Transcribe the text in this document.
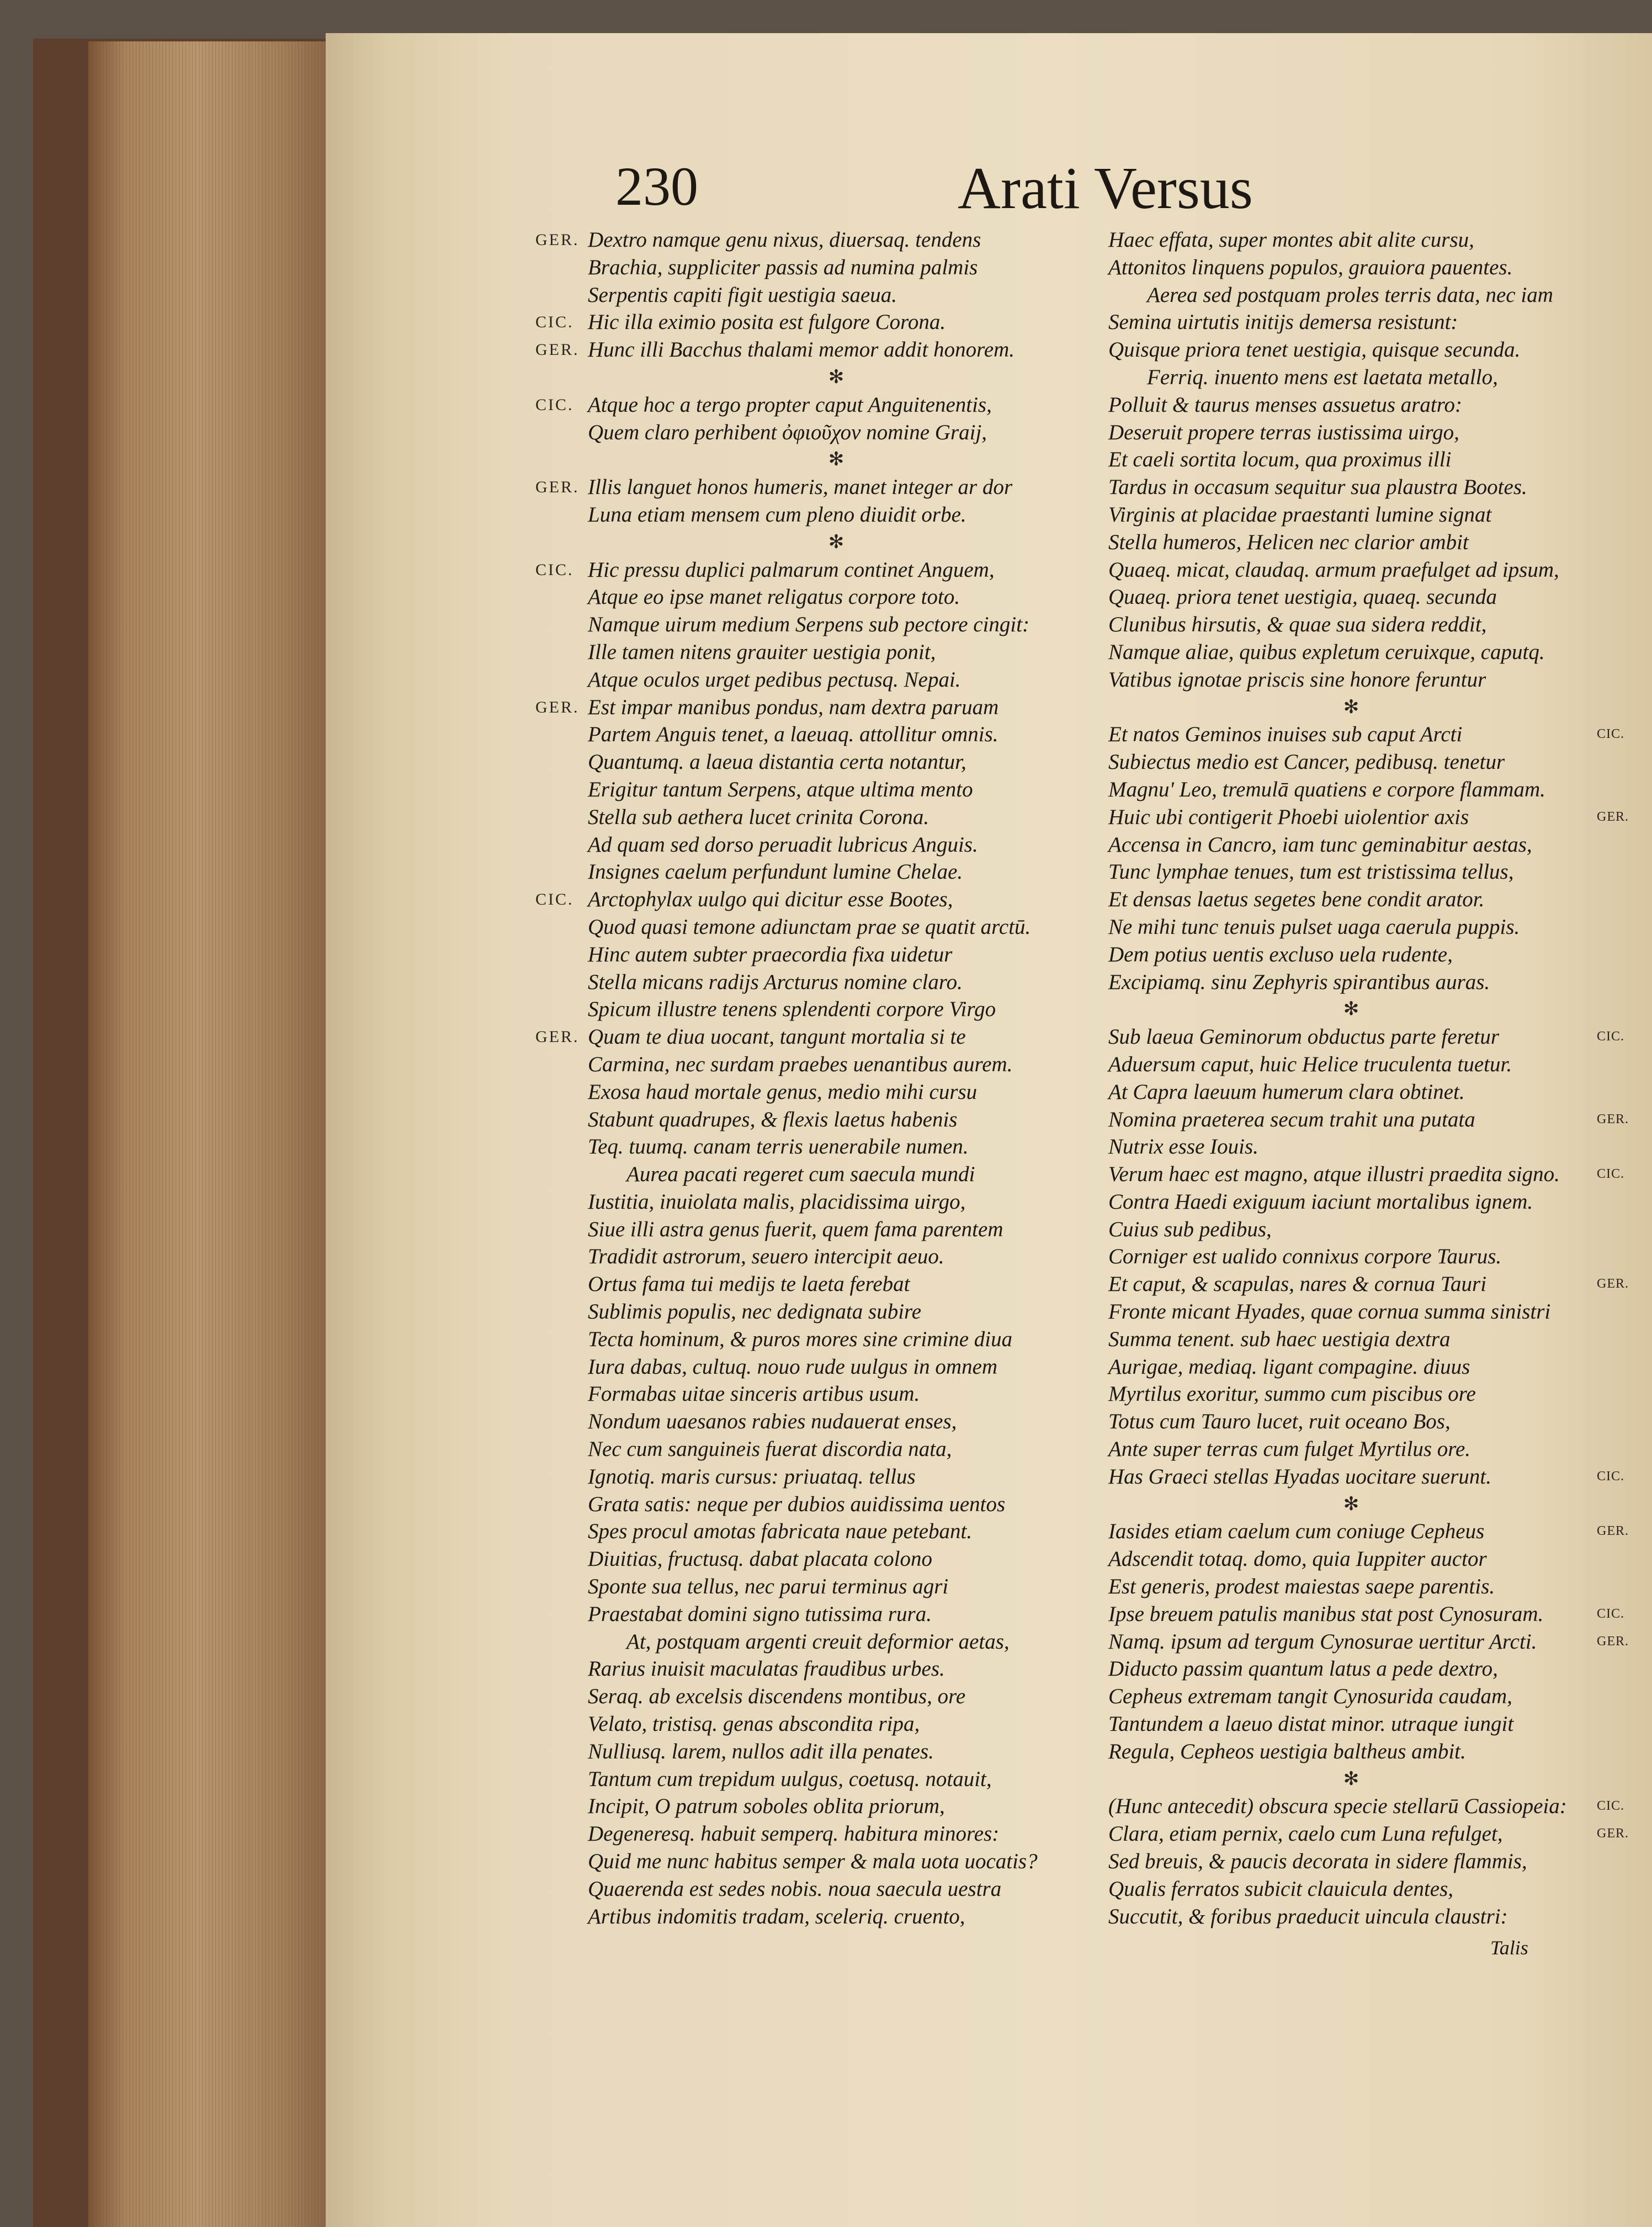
230	Arati Versus
GER. Dextro namque genu nixus, diuersaq. tendens
Brachia, suppliciter passis ad numina palmis
Serpentis capiti figit uestigia saeua.
CIC. Hic illa eximio posita est fulgore Corona.
GER. Hunc illi Bacchus thalami memor addit honorem.
✻
CIC. Atque hoc a tergo propter caput Anguitenentis,
Quem claro perhibent ὀφιοῦχον nomine Graij,
✻
GER. Illis languet honos humeris, manet integer ar dor
Luna etiam mensem cum pleno diuidit orbe.
✻
CIC. Hic pressu duplici palmarum continet Anguem,
Atque eo ipse manet religatus corpore toto.
Namque uirum medium Serpens sub pectore cingit:
Ille tamen nitens grauiter uestigia ponit,
Atque oculos urget pedibus pectusq. Nepai.
GER. Est impar manibus pondus, nam dextra paruam
Partem Anguis tenet, a laeuaq. attollitur omnis.
Quantumq. a laeua distantia certa notantur,
Erigitur tantum Serpens, atque ultima mento
Stella sub aethera lucet crinita Corona.
Ad quam sed dorso peruadit lubricus Anguis.
Insignes caelum perfundunt lumine Chelae.
CIC. Arctophylax uulgo qui dicitur esse Bootes,
Quod quasi temone adiunctam prae se quatit arctū.
Hinc autem subter praecordia fixa uidetur
Stella micans radijs Arcturus nomine claro.
Spicum illustre tenens splendenti corpore Virgo
GER. Quam te diua uocant, tangunt mortalia si te
Carmina, nec surdam praebes uenantibus aurem.
Exosa haud mortale genus, medio mihi cursu
Stabunt quadrupes, & flexis laetus habenis
Teq. tuumq. canam terris uenerabile numen.
Aurea pacati regeret cum saecula mundi
Iustitia, inuiolata malis, placidissima uirgo,
Siue illi astra genus fuerit, quem fama parentem
Tradidit astrorum, seuero intercipit aeuo.
Ortus fama tui medijs te laeta ferebat
Sublimis populis, nec dedignata subire
Tecta hominum, & puros mores sine crimine diua
Iura dabas, cultuq. nouo rude uulgus in omnem
Formabas uitae sinceris artibus usum.
Nondum uaesanos rabies nudauerat enses,
Nec cum sanguineis fuerat discordia nata,
Ignotiq. maris cursus: priuataq. tellus
Grata satis: neque per dubios auidissima uentos
Spes procul amotas fabricata naue petebant.
Diuitias, fructusq. dabat placata colono
Sponte sua tellus, nec parui terminus agri
Praestabat domini signo tutissima rura.
At, postquam argenti creuit deformior aetas,
Rarius inuisit maculatas fraudibus urbes.
Seraq. ab excelsis discendens montibus, ore
Velato, tristisq. genas abscondita ripa,
Nulliusq. larem, nullos adit illa penates.
Tantum cum trepidum uulgus, coetusq. notauit,
Incipit, O patrum soboles oblita priorum,
Degeneresq. habuit semperq. habitura minores:
Quid me nunc habitus semper & mala uota uocatis?
Quaerenda est sedes nobis. noua saecula uestra
Artibus indomitis tradam, sceleriq. cruento,
Haec effata, super montes abit alite cursu,
Attonitos linquens populos, grauiora pauentes.
Aerea sed postquam proles terris data, nec iam
Semina uirtutis initijs demersa resistunt:
Quisque priora tenet uestigia, quisque secunda.
Ferriq. inuento mens est laetata metallo,
Polluit & taurus menses assuetus aratro:
Deseruit propere terras iustissima uirgo,
Et caeli sortita locum, qua proximus illi
Tardus in occasum sequitur sua plaustra Bootes.
Virginis at placidae praestanti lumine signat
Stella humeros, Helicen nec clarior ambit
Quaeq. micat, claudaq. armum praefulget ad ipsum,
Quaeq. priora tenet uestigia, quaeq. secunda
Clunibus hirsutis, & quae sua sidera reddit,
Namque aliae, quibus expletum ceruixque, caputq.
Vatibus ignotae priscis sine honore feruntur
✻
CIC.
Et natos Geminos inuises sub caput Arcti
Subiectus medio est Cancer, pedibusq. tenetur
Magnu' Leo, tremulā quatiens e corpore flammam.
GER.
Huic ubi contigerit Phoebi uiolentior axis
Accensa in Cancro, iam tunc geminabitur aestas,
Tunc lymphae tenues, tum est tristissima tellus,
Et densas laetus segetes bene condit arator.
Ne mihi tunc tenuis pulset uaga caerula puppis.
Dem potius uentis excluso uela rudente,
Excipiamq. sinu Zephyris spirantibus auras.
✻
CIC.
Sub laeua Geminorum obductus parte feretur
Aduersum caput, huic Helice truculenta tuetur.
At Capra laeuum humerum clara obtinet.
GER.
Nomina praeterea secum trahit una putata
Nutrix esse Iouis.
CIC.
Verum haec est magno, atque illustri praedita signo.
Contra Haedi exiguum iaciunt mortalibus ignem.
Cuius sub pedibus,
Corniger est ualido connixus corpore Taurus.
GER.
Et caput, & scapulas, nares & cornua Tauri
Fronte micant Hyades, quae cornua summa sinistri
Summa tenent. sub haec uestigia dextra
Aurigae, mediaq. ligant compagine. diuus
Myrtilus exoritur, summo cum piscibus ore
Totus cum Tauro lucet, ruit oceano Bos,
Ante super terras cum fulget Myrtilus ore.
CIC.
Has Graeci stellas Hyadas uocitare suerunt.
✻
GER.
Iasides etiam caelum cum coniuge Cepheus
Adscendit totaq. domo, quia Iuppiter auctor
Est generis, prodest maiestas saepe parentis.
CIC.
Ipse breuem patulis manibus stat post Cynosuram.
GER.
Namq. ipsum ad tergum Cynosurae uertitur Arcti.
Diducto passim quantum latus a pede dextro,
Cepheus extremam tangit Cynosurida caudam,
Tantundem a laeuo distat minor. utraque iungit
Regula, Cepheos uestigia baltheus ambit.
✻
CIC.
(Hunc antecedit) obscura specie stellarū Cassiopeia:
GER.
Clara, etiam pernix, caelo cum Luna refulget,
Sed breuis, & paucis decorata in sidere flammis,
Qualis ferratos subicit clauicula dentes,
Succutit, & foribus praeducit uincula claustri:
Talis
